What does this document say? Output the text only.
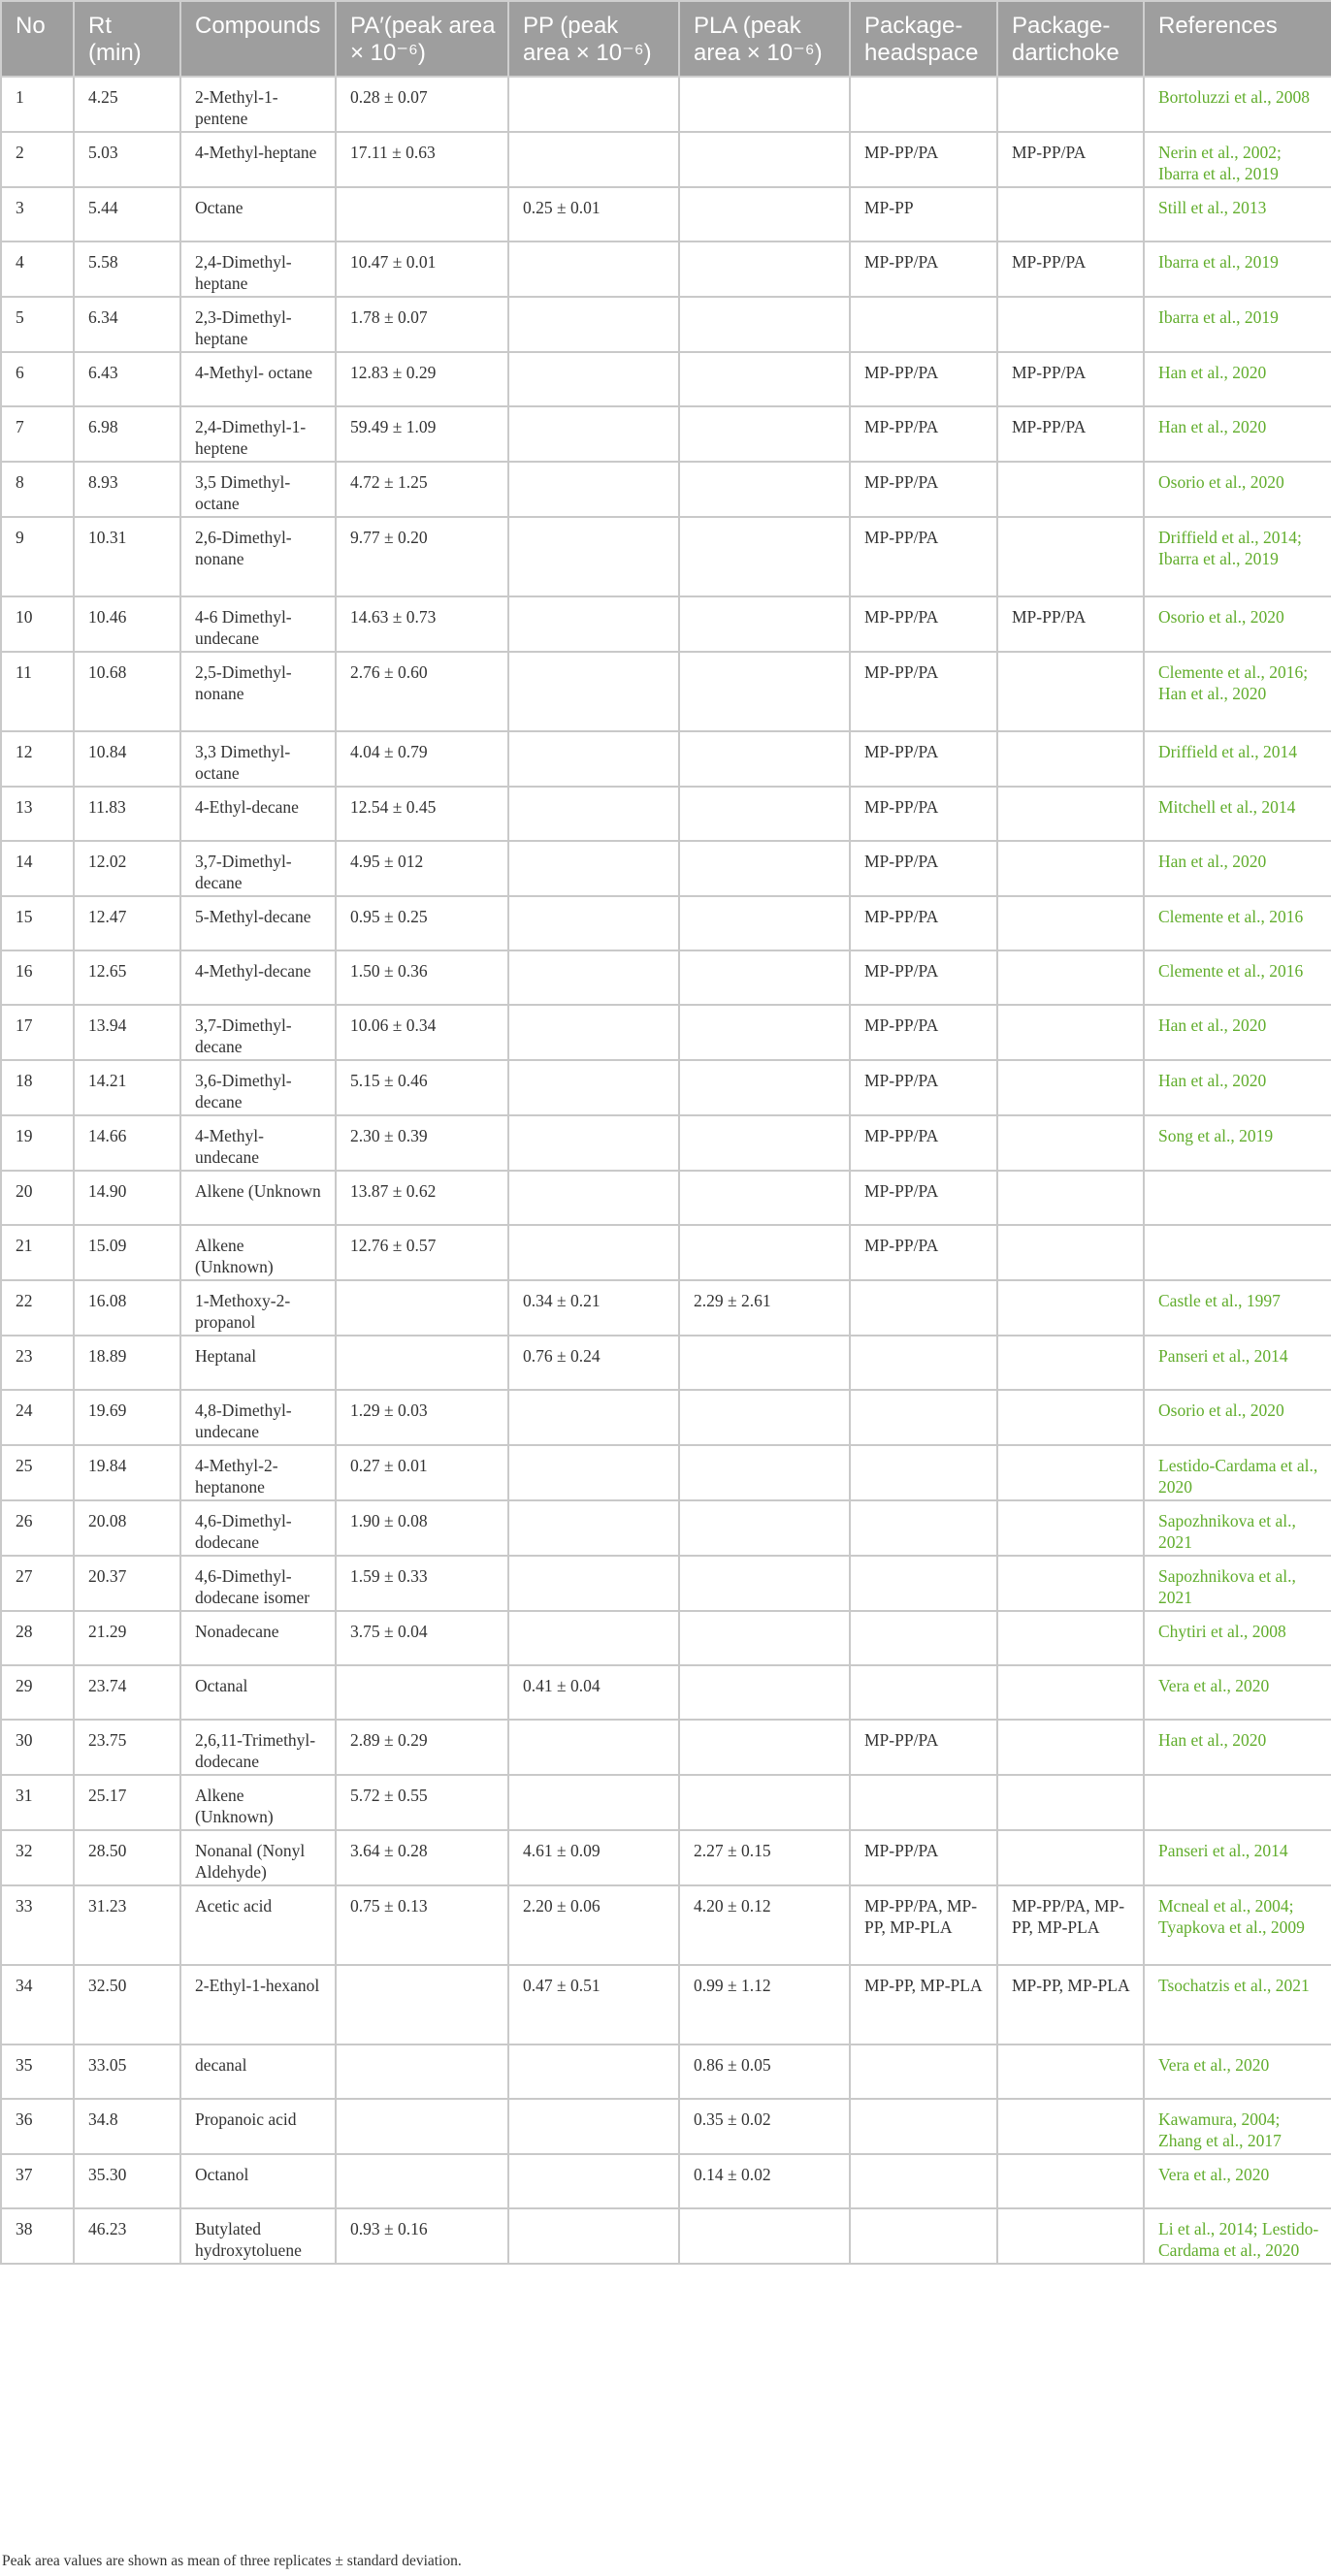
No	Rt (min)	Compounds	PA′(peak area × 10⁻⁶)	PP (peak area × 10⁻⁶)	PLA (peak area × 10⁻⁶)	Package-headspace	Package-dartichoke	References
1	4.25	2-Methyl-1-pentene	0.28 ± 0.07					Bortoluzzi et al., 2008
2	5.03	4-Methyl-heptane	17.11 ± 0.63			MP-PP/PA	MP-PP/PA	Nerin et al., 2002; Ibarra et al., 2019
3	5.44	Octane		0.25 ± 0.01		MP-PP		Still et al., 2013
4	5.58	2,4-Dimethyl-heptane	10.47 ± 0.01			MP-PP/PA	MP-PP/PA	Ibarra et al., 2019
5	6.34	2,3-Dimethyl-heptane	1.78 ± 0.07					Ibarra et al., 2019
6	6.43	4-Methyl- octane	12.83 ± 0.29			MP-PP/PA	MP-PP/PA	Han et al., 2020
7	6.98	2,4-Dimethyl-1-heptene	59.49 ± 1.09			MP-PP/PA	MP-PP/PA	Han et al., 2020
8	8.93	3,5 Dimethyl-octane	4.72 ± 1.25			MP-PP/PA		Osorio et al., 2020
9	10.31	2,6-Dimethyl-nonane	9.77 ± 0.20			MP-PP/PA		Driffield et al., 2014; Ibarra et al., 2019
10	10.46	4-6 Dimethyl-undecane	14.63 ± 0.73			MP-PP/PA	MP-PP/PA	Osorio et al., 2020
11	10.68	2,5-Dimethyl-nonane	2.76 ± 0.60			MP-PP/PA		Clemente et al., 2016; Han et al., 2020
12	10.84	3,3 Dimethyl-octane	4.04 ± 0.79			MP-PP/PA		Driffield et al., 2014
13	11.83	4-Ethyl-decane	12.54 ± 0.45			MP-PP/PA		Mitchell et al., 2014
14	12.02	3,7-Dimethyl-decane	4.95 ± 012			MP-PP/PA		Han et al., 2020
15	12.47	5-Methyl-decane	0.95 ± 0.25			MP-PP/PA		Clemente et al., 2016
16	12.65	4-Methyl-decane	1.50 ± 0.36			MP-PP/PA		Clemente et al., 2016
17	13.94	3,7-Dimethyl-decane	10.06 ± 0.34			MP-PP/PA		Han et al., 2020
18	14.21	3,6-Dimethyl-decane	5.15 ± 0.46			MP-PP/PA		Han et al., 2020
19	14.66	4-Methyl-undecane	2.30 ± 0.39			MP-PP/PA		Song et al., 2019
20	14.90	Alkene (Unknown	13.87 ± 0.62			MP-PP/PA		
21	15.09	Alkene (Unknown)	12.76 ± 0.57			MP-PP/PA		
22	16.08	1-Methoxy-2-propanol		0.34 ± 0.21	2.29 ± 2.61			Castle et al., 1997
23	18.89	Heptanal		0.76 ± 0.24				Panseri et al., 2014
24	19.69	4,8-Dimethyl-undecane	1.29 ± 0.03					Osorio et al., 2020
25	19.84	4-Methyl-2-heptanone	0.27 ± 0.01					Lestido-Cardama et al., 2020
26	20.08	4,6-Dimethyl-dodecane	1.90 ± 0.08					Sapozhnikova et al., 2021
27	20.37	4,6-Dimethyl-dodecane isomer	1.59 ± 0.33					Sapozhnikova et al., 2021
28	21.29	Nonadecane	3.75 ± 0.04					Chytiri et al., 2008
29	23.74	Octanal		0.41 ± 0.04				Vera et al., 2020
30	23.75	2,6,11-Trimethyl-dodecane	2.89 ± 0.29			MP-PP/PA		Han et al., 2020
31	25.17	Alkene (Unknown)	5.72 ± 0.55					
32	28.50	Nonanal (Nonyl Aldehyde)	3.64 ± 0.28	4.61 ± 0.09	2.27 ± 0.15	MP-PP/PA		Panseri et al., 2014
33	31.23	Acetic acid	0.75 ± 0.13	2.20 ± 0.06	4.20 ± 0.12	MP-PP/PA, MP-PP, MP-PLA	MP-PP/PA, MP-PP, MP-PLA	Mcneal et al., 2004; Tyapkova et al., 2009
34	32.50	2-Ethyl-1-hexanol		0.47 ± 0.51	0.99 ± 1.12	MP-PP, MP-PLA	MP-PP, MP-PLA	Tsochatzis et al., 2021
35	33.05	decanal			0.86 ± 0.05			Vera et al., 2020
36	34.8	Propanoic acid			0.35 ± 0.02			Kawamura, 2004; Zhang et al., 2017
37	35.30	Octanol			0.14 ± 0.02			Vera et al., 2020
38	46.23	Butylated hydroxytoluene	0.93 ± 0.16					Li et al., 2014; Lestido-Cardama et al., 2020
Peak area values are shown as mean of three replicates ± standard deviation.
